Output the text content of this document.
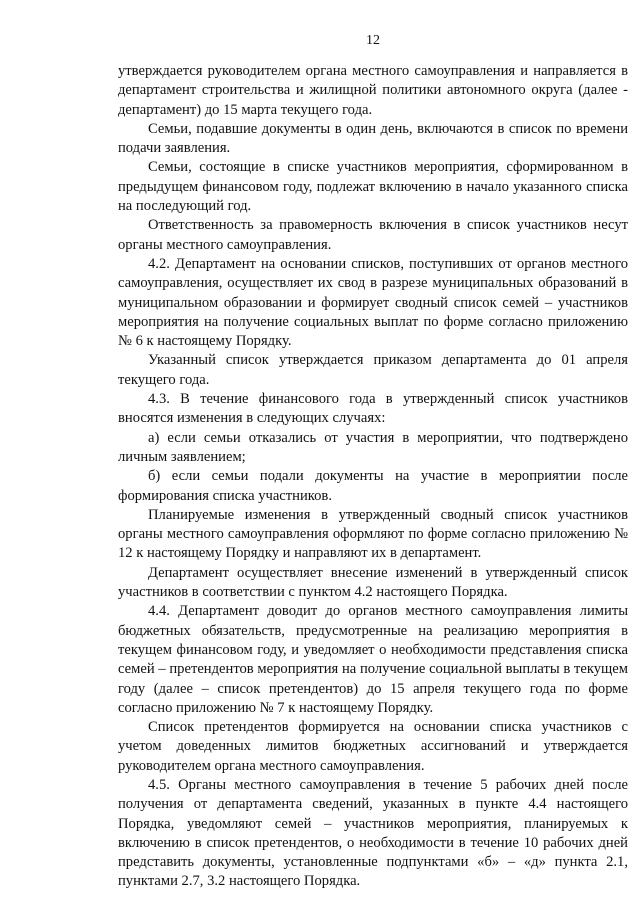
12

утверждается руководителем органа местного самоуправления и направляется в департамент строительства и жилищной политики автономного округа (далее - департамент) до 15 марта текущего года.

Семьи, подавшие документы в один день, включаются в список по времени подачи заявления.

Семьи, состоящие в списке участников мероприятия, сформированном в предыдущем финансовом году, подлежат включению в начало указанного списка на последующий год.

Ответственность за правомерность включения в список участников несут органы местного самоуправления.

4.2. Департамент на основании списков, поступивших от органов местного самоуправления, осуществляет их свод в разрезе муниципальных образований в муниципальном образовании и формирует сводный список семей – участников мероприятия на получение социальных выплат по форме согласно приложению № 6 к настоящему Порядку.

Указанный список утверждается приказом департамента до 01 апреля текущего года.

4.3. В течение финансового года в утвержденный список участников вносятся изменения в следующих случаях:

а) если семьи отказались от участия в мероприятии, что подтверждено личным заявлением;

б) если семьи подали документы на участие в мероприятии после формирования списка участников.

Планируемые изменения в утвержденный сводный список участников органы местного самоуправления оформляют по форме согласно приложению № 12 к настоящему Порядку и направляют их в департамент.

Департамент осуществляет внесение изменений в утвержденный список участников в соответствии с пунктом 4.2 настоящего Порядка.

4.4. Департамент доводит до органов местного самоуправления лимиты бюджетных обязательств, предусмотренные на реализацию мероприятия в текущем финансовом году, и уведомляет о необходимости представления списка семей – претендентов мероприятия на получение социальной выплаты в текущем году (далее – список претендентов) до 15 апреля текущего года по форме согласно приложению № 7 к настоящему Порядку.

Список претендентов формируется на основании списка участников с учетом доведенных лимитов бюджетных ассигнований и утверждается руководителем органа местного самоуправления.

4.5. Органы местного самоуправления в течение 5 рабочих дней после получения от департамента сведений, указанных в пункте 4.4 настоящего Порядка, уведомляют семей – участников мероприятия, планируемых к включению в список претендентов, о необходимости в течение 10 рабочих дней представить документы, установленные подпунктами «б» – «д» пункта 2.1, пунктами 2.7, 3.2 настоящего Порядка.
